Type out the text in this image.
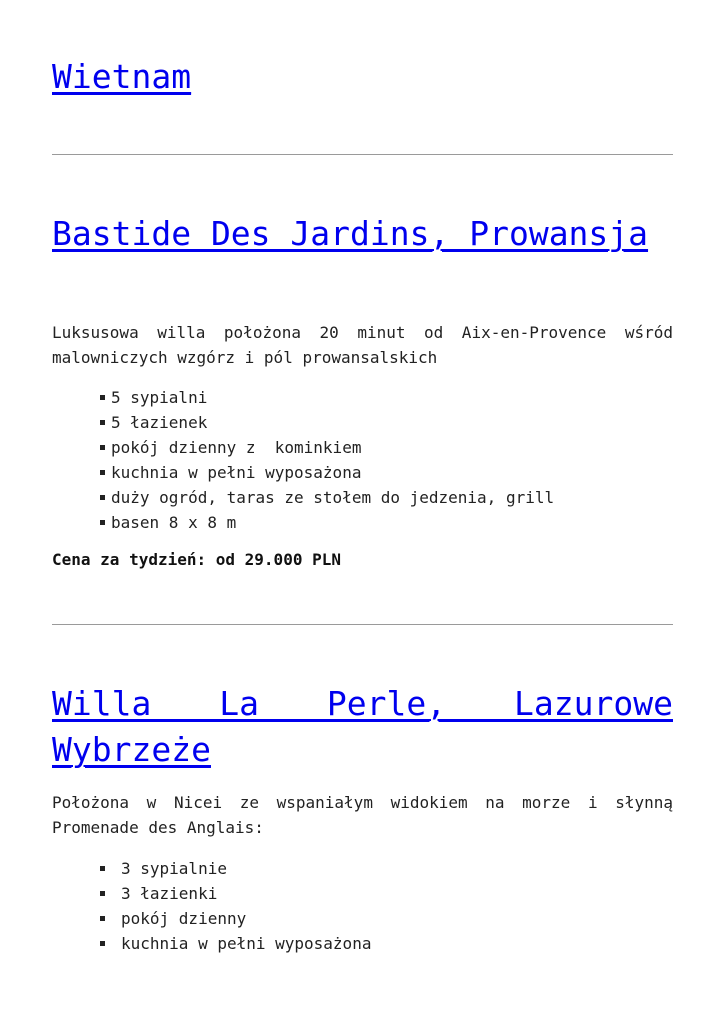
Wietnam
Bastide Des Jardins, Prowansja

Luksusowa willa położona 20 minut od Aix-en-Provence wśród malowniczych wzgórz i pól prowansalskich

5 sypialni
5 łazienek
pokój dzienny z  kominkiem
kuchnia w pełni wyposażona
duży ogród, taras ze stołem do jedzenia, grill
basen 8 x 8 m

Cena za tydzień: od 29.000 PLN

Willa La Perle, Lazurowe Wybrzeże

Położona w Nicei ze wspaniałym widokiem na morze i słynną Promenade des Anglais:

3 sypialnie
3 łazienki
pokój dzienny
kuchnia w pełni wyposażona
